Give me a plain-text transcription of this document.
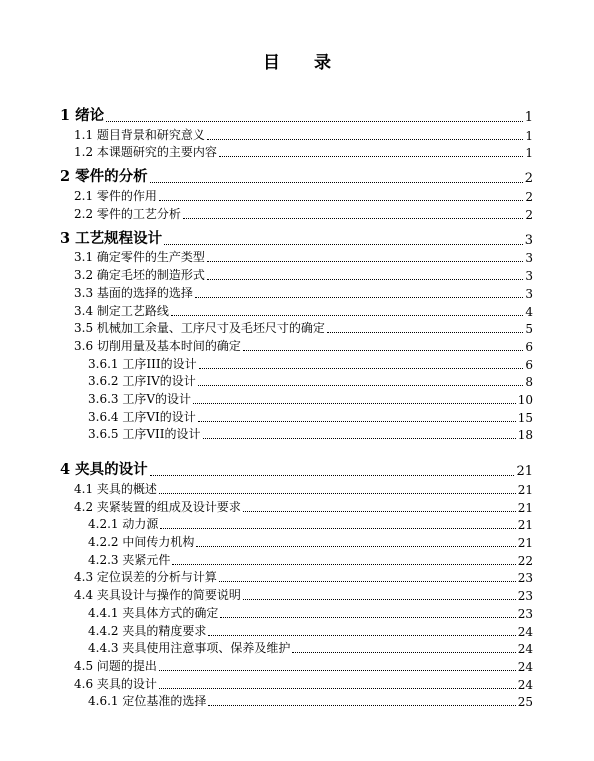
目 录
1 绪论	1
1.1 题目背景和研究意义	1
1.2 本课题研究的主要内容	1
2 零件的分析	2
2.1 零件的作用	2
2.2 零件的工艺分析	2
3 工艺规程设计	3
3.1 确定零件的生产类型	3
3.2 确定毛坯的制造形式	3
3.3 基面的选择的选择	3
3.4 制定工艺路线	4
3.5 机械加工余量、工序尺寸及毛坯尺寸的确定	5
3.6 切削用量及基本时间的确定	6
3.6.1 工序III的设计	6
3.6.2 工序IV的设计	8
3.6.3 工序V的设计	10
3.6.4 工序VI的设计	15
3.6.5 工序VII的设计	18
4 夹具的设计	21
4.1 夹具的概述	21
4.2 夹紧装置的组成及设计要求	21
4.2.1 动力源	21
4.2.2 中间传力机构	21
4.2.3 夹紧元件	22
4.3 定位误差的分析与计算	23
4.4 夹具设计与操作的简要说明	23
4.4.1 夹具体方式的确定	23
4.4.2 夹具的精度要求	24
4.4.3 夹具使用注意事项、保养及维护	24
4.5 问题的提出	24
4.6 夹具的设计	24
4.6.1 定位基准的选择	25
